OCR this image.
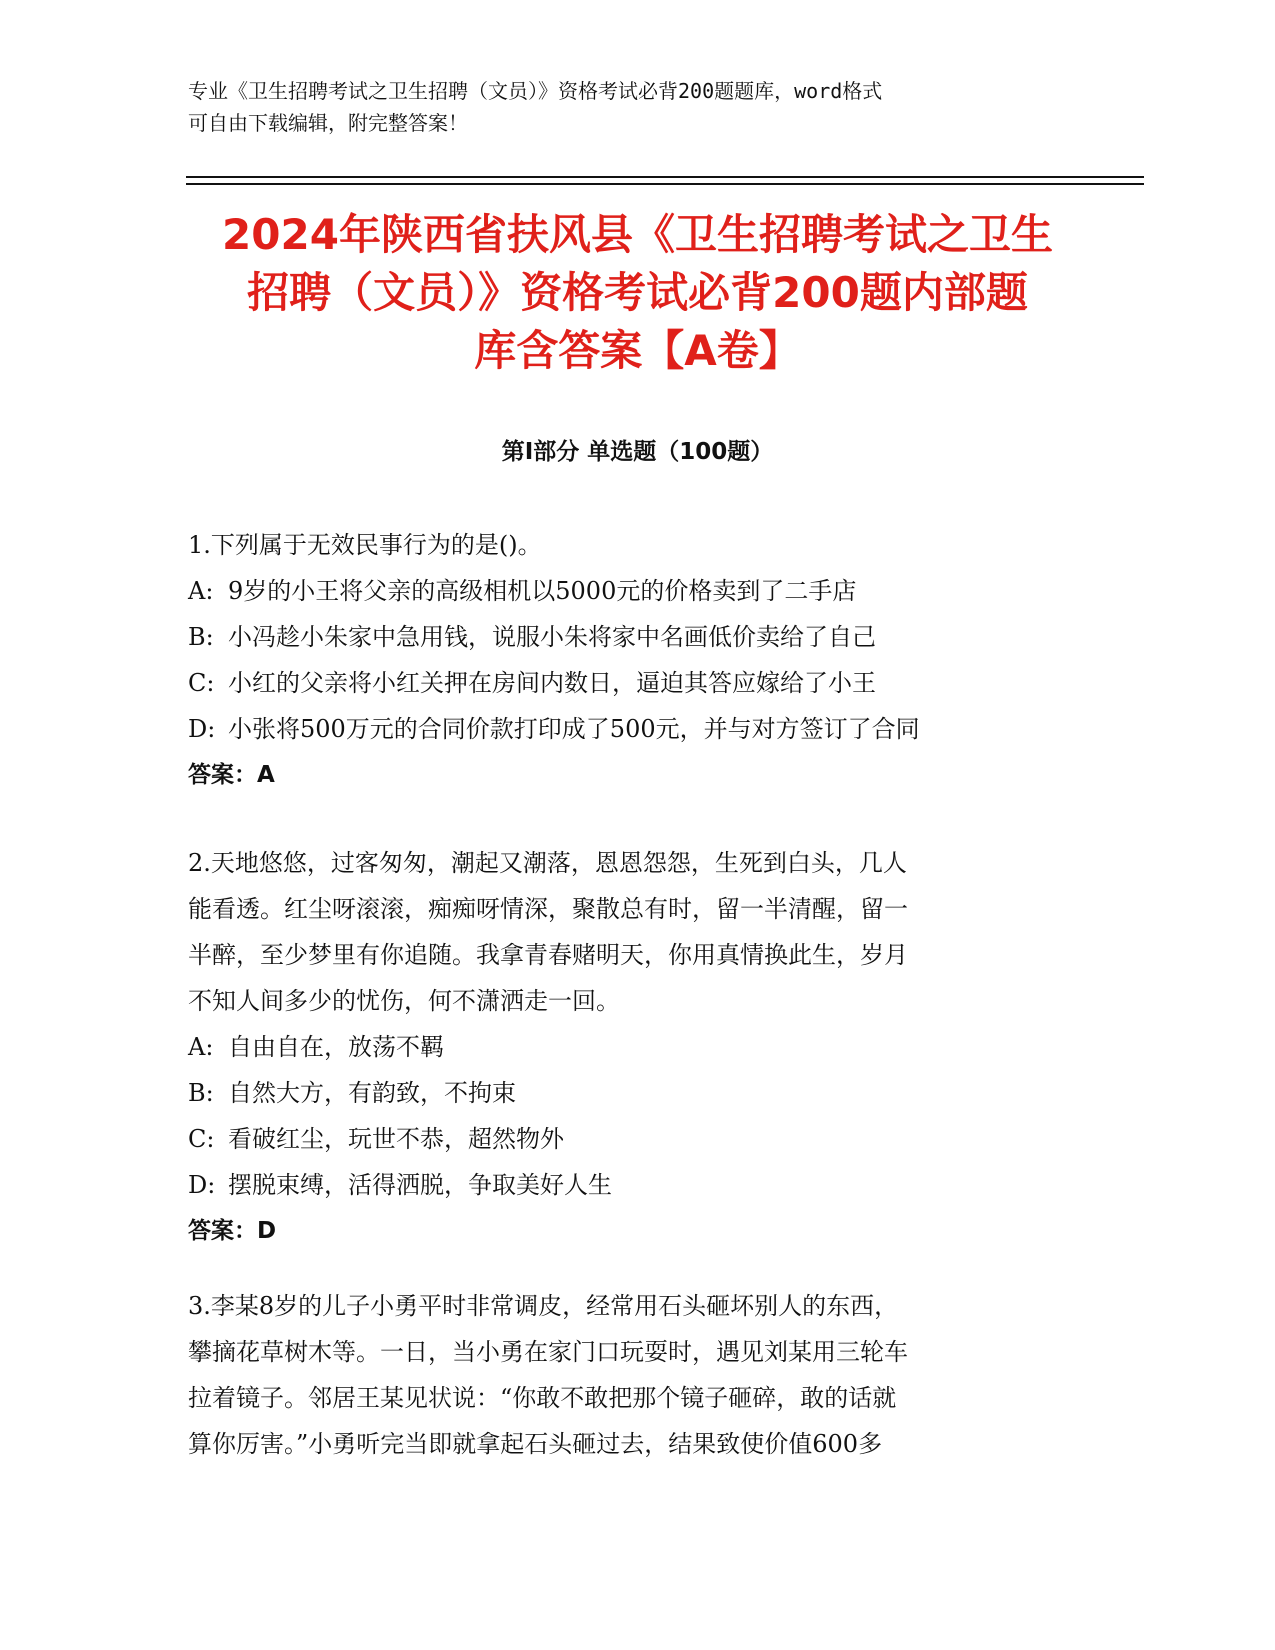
专业《卫生招聘考试之卫生招聘（文员）》资格考试必背200题题库，word格式
可自由下载编辑，附完整答案！
2024年陕西省扶风县《卫生招聘考试之卫生
招聘（文员）》资格考试必背200题内部题
库含答案【A卷】
第Ⅰ部分 单选题（100题）
1.下列属于无效民事行为的是()。
A: 9岁的小王将父亲的高级相机以5000元的价格卖到了二手店
B: 小冯趁小朱家中急用钱，说服小朱将家中名画低价卖给了自己
C: 小红的父亲将小红关押在房间内数日，逼迫其答应嫁给了小王
D: 小张将500万元的合同价款打印成了500元，并与对方签订了合同
答案：A
2.天地悠悠，过客匆匆，潮起又潮落，恩恩怨怨，生死到白头，几人
能看透。红尘呀滚滚，痴痴呀情深，聚散总有时，留一半清醒，留一
半醉，至少梦里有你追随。我拿青春赌明天，你用真情换此生，岁月
不知人间多少的忧伤，何不潇洒走一回。
A: 自由自在，放荡不羁
B: 自然大方，有韵致，不拘束
C: 看破红尘，玩世不恭，超然物外
D: 摆脱束缚，活得洒脱，争取美好人生
答案：D
3.李某8岁的儿子小勇平时非常调皮，经常用石头砸坏别人的东西，
攀摘花草树木等。一日，当小勇在家门口玩耍时，遇见刘某用三轮车
拉着镜子。邻居王某见状说：“你敢不敢把那个镜子砸碎，敢的话就
算你厉害。”小勇听完当即就拿起石头砸过去，结果致使价值600多
